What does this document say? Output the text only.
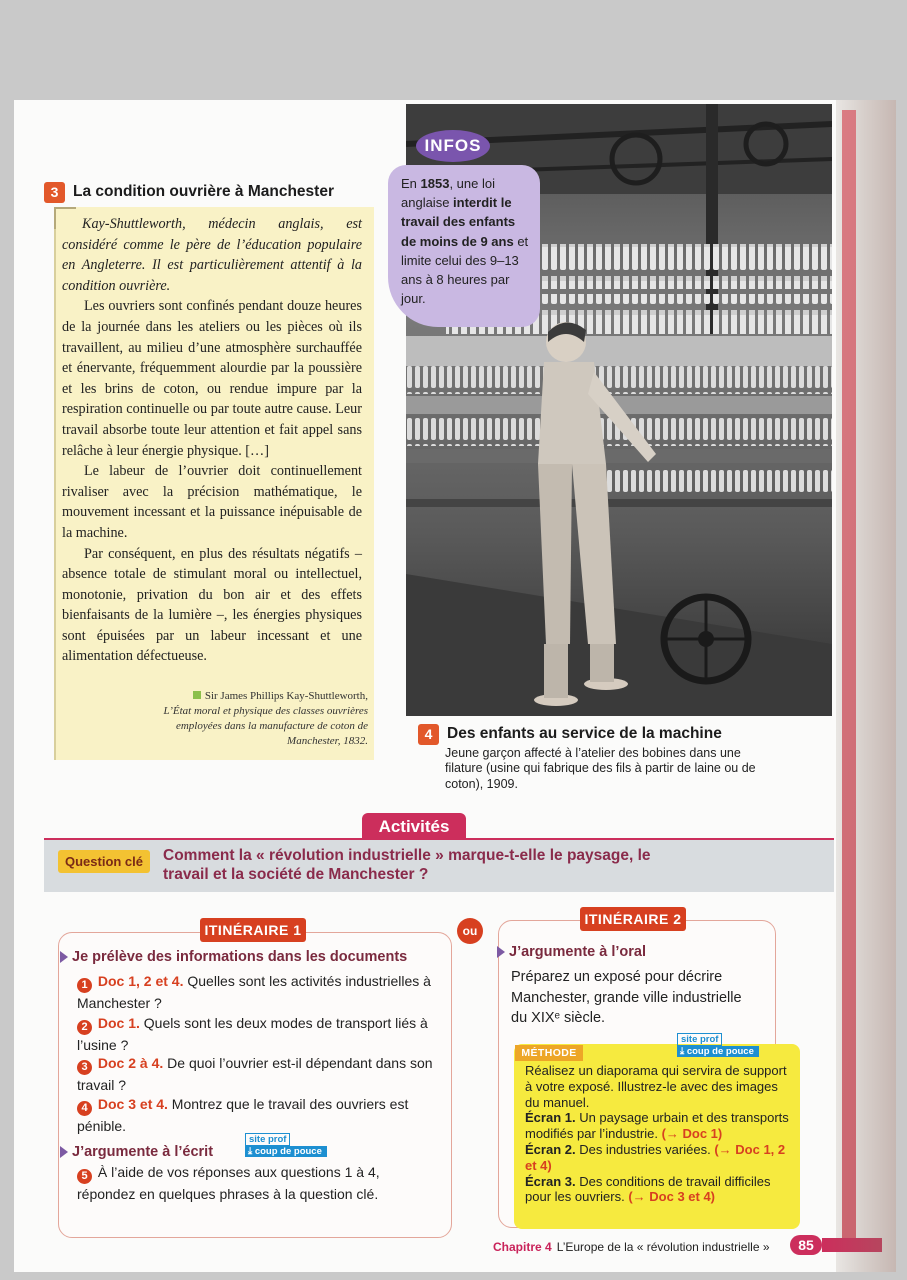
3 La condition ouvrière à Manchester

Kay-Shuttleworth, médecin anglais, est considéré comme le père de l’éducation populaire en Angleterre. Il est particulièrement attentif à la condition ouvrière.

Les ouvriers sont confinés pendant douze heures de la journée dans les ateliers ou les pièces où ils travaillent, au milieu d’une atmosphère surchauffée et énervante, fréquemment alourdie par la poussière et les brins de coton, ou rendue impure par la respiration continuelle ou par toute autre cause. Leur travail absorbe toute leur attention et fait appel sans relâche à leur énergie physique. […]

Le labeur de l’ouvrier doit continuellement rivaliser avec la précision mathématique, le mouvement incessant et la puissance inépuisable de la machine.

Par conséquent, en plus des résultats négatifs – absence totale de stimulant moral ou intellectuel, monotonie, privation du bon air et des effets bienfaisants de la lumière –, les énergies physiques sont épuisées par un labeur incessant et une alimentation défectueuse.

Sir James Phillips Kay-Shuttleworth,
L’État moral et physique des classes ouvrières employées dans la manufacture de coton de Manchester, 1832.
INFOS
En 1853, une loi anglaise interdit le travail des enfants de moins de 9 ans et limite celui des 9–13 ans à 8 heures par jour.
4 Des enfants au service de la machine
Jeune garçon affecté à l’atelier des bobines dans une filature (usine qui fabrique des fils à partir de laine ou de coton), 1909.
Activités
Question clé	Comment la « révolution industrielle » marque-t-elle le paysage, le travail et la société de Manchester ?
ITINÉRAIRE 1	ou
Je prélève des informations dans les documents
1 Doc 1, 2 et 4. Quelles sont les activités industrielles à Manchester ?
2 Doc 1. Quels sont les deux modes de transport liés à l’usine ?
3 Doc 2 à 4. De quoi l’ouvrier est-il dépendant dans son travail ?
4 Doc 3 et 4. Montrez que le travail des ouvriers est pénible.
J’argumente à l’écrit
site prof
⤓ coup de pouce
5 À l’aide de vos réponses aux questions 1 à 4, répondez en quelques phrases à la question clé.
ITINÉRAIRE 2
J’argumente à l’oral
Préparez un exposé pour décrire Manchester, grande ville industrielle du XIXᵉ siècle.
MÉTHODE
site prof
⤓ coup de pouce
Réalisez un diaporama qui servira de support à votre exposé. Illustrez-le avec des images du manuel.
Écran 1. Un paysage urbain et des transports modifiés par l’industrie. (→ Doc 1)
Écran 2. Des industries variées. (→ Doc 1, 2 et 4)
Écran 3. Des conditions de travail difficiles pour les ouvriers. (→ Doc 3 et 4)
Chapitre 4 L’Europe de la « révolution industrielle »	85
